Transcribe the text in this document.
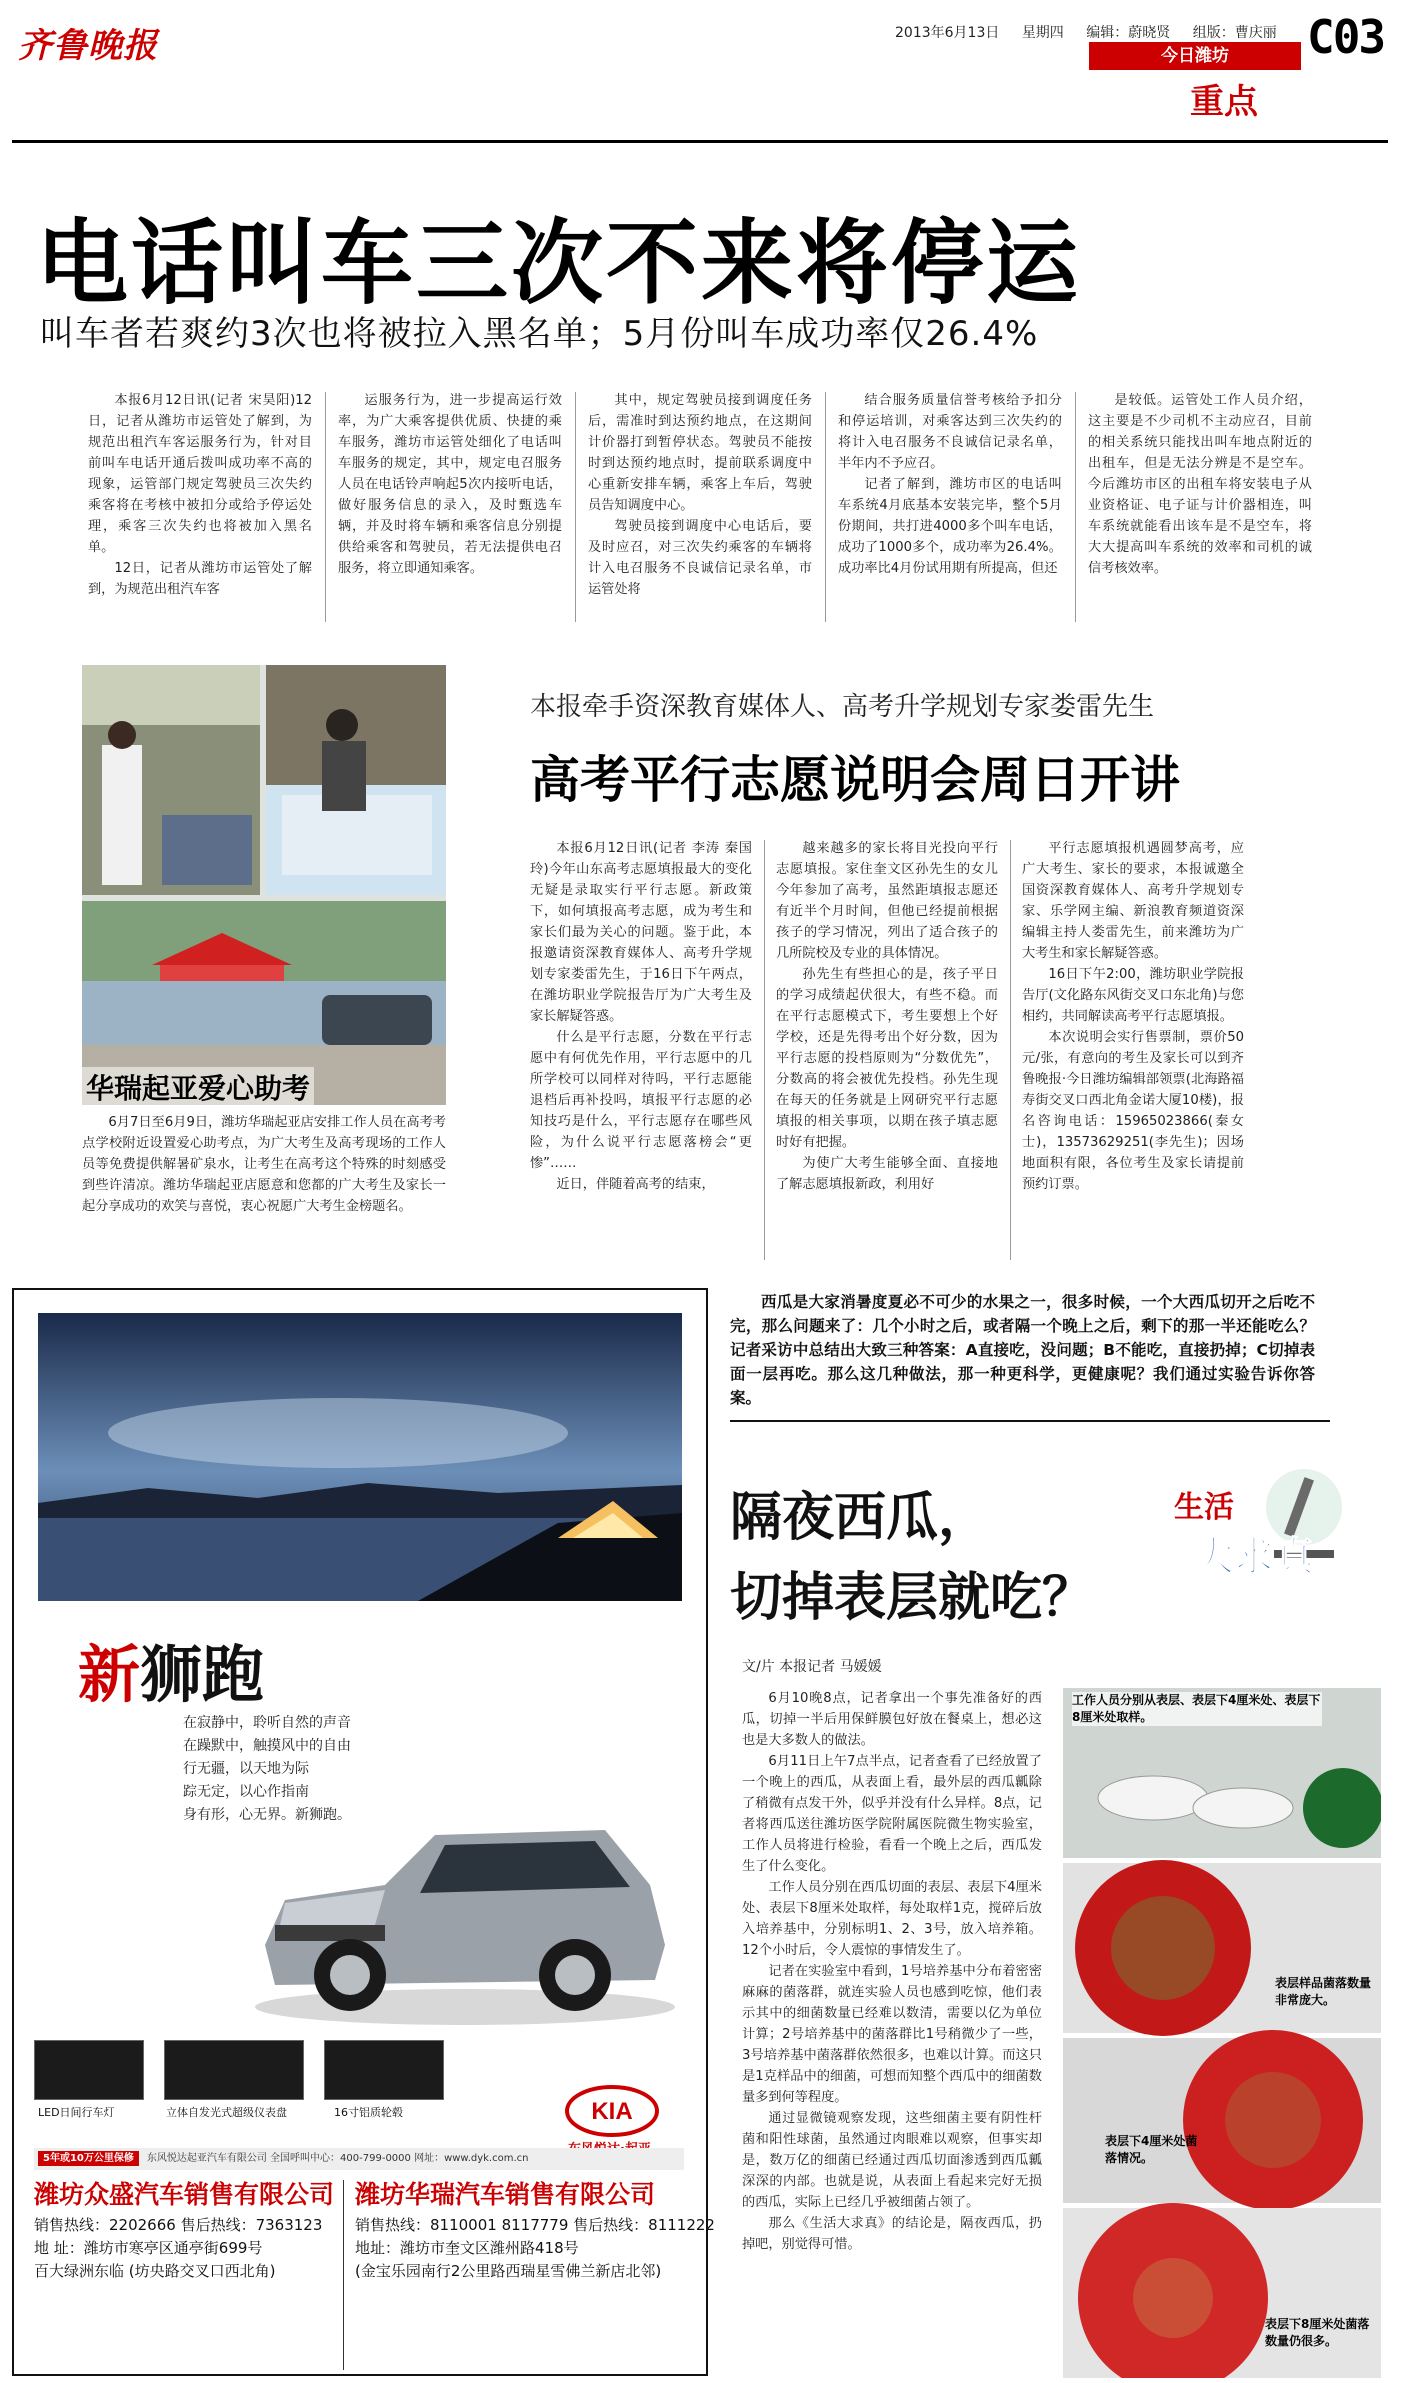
齐鲁晚报	2013年6月13日 星期四 编辑：蔚晓贤 组版：曹庆丽 C03
今日潍坊
重点
电话叫车三次不来将停运
叫车者若爽约3次也将被拉入黑名单；5月份叫车成功率仅26.4%

本报6月12日讯(记者 宋昊阳)12日，记者从潍坊市运管处了解到，为规范出租汽车客运服务行为，针对目前叫车电话开通后拨叫成功率不高的现象，运管部门规定驾驶员三次失约乘客将在考核中被扣分或给予停运处理，乘客三次失约也将被加入黑名单。

12日，记者从潍坊市运管处了解到，为规范出租汽车客

运服务行为，进一步提高运行效率，为广大乘客提供优质、快捷的乘车服务，潍坊市运管处细化了电话叫车服务的规定，其中，规定电召服务人员在电话铃声响起5次内接听电话，做好服务信息的录入，及时甄选车辆，并及时将车辆和乘客信息分别提供给乘客和驾驶员，若无法提供电召服务，将立即通知乘客。

其中，规定驾驶员接到调度任务后，需准时到达预约地点，在这期间计价器打到暂停状态。驾驶员不能按时到达预约地点时，提前联系调度中心重新安排车辆，乘客上车后，驾驶员告知调度中心。

驾驶员接到调度中心电话后，要及时应召，对三次失约乘客的车辆将计入电召服务不良诚信记录名单，市运管处将

结合服务质量信誉考核给予扣分和停运培训，对乘客达到三次失约的将计入电召服务不良诚信记录名单，半年内不予应召。

记者了解到，潍坊市区的电话叫车系统4月底基本安装完毕，整个5月份期间，共打进4000多个叫车电话，成功了1000多个，成功率为26.4%。成功率比4月份试用期有所提高，但还

是较低。运管处工作人员介绍，这主要是不少司机不主动应召，目前的相关系统只能找出叫车地点附近的出租车，但是无法分辨是不是空车。今后潍坊市区的出租车将安装电子从业资格证、电子证与计价器相连，叫车系统就能看出该车是不是空车，将大大提高叫车系统的效率和司机的诚信考核效率。

华瑞起亚爱心助考

6月7日至6月9日，潍坊华瑞起亚店安排工作人员在高考考点学校附近设置爱心助考点，为广大考生及高考现场的工作人员等免费提供解暑矿泉水，让考生在高考这个特殊的时刻感受到些许清凉。潍坊华瑞起亚店愿意和您都的广大考生及家长一起分享成功的欢笑与喜悦，衷心祝愿广大考生金榜题名。

本报牵手资深教育媒体人、高考升学规划专家娄雷先生
高考平行志愿说明会周日开讲

本报6月12日讯(记者 李涛 秦国玲)今年山东高考志愿填报最大的变化无疑是录取实行平行志愿。新政策下，如何填报高考志愿，成为考生和家长们最为关心的问题。鉴于此，本报邀请资深教育媒体人、高考升学规划专家娄雷先生，于16日下午两点，在潍坊职业学院报告厅为广大考生及家长解疑答惑。

什么是平行志愿，分数在平行志愿中有何优先作用，平行志愿中的几所学校可以同样对待吗，平行志愿能退档后再补投吗，填报平行志愿的必知技巧是什么，平行志愿存在哪些风险，为什么说平行志愿落榜会“更惨”……

近日，伴随着高考的结束，

越来越多的家长将目光投向平行志愿填报。家住奎文区孙先生的女儿今年参加了高考，虽然距填报志愿还有近半个月时间，但他已经提前根据孩子的学习情况，列出了适合孩子的几所院校及专业的具体情况。

孙先生有些担心的是，孩子平日的学习成绩起伏很大，有些不稳。而在平行志愿模式下，考生要想上个好学校，还是先得考出个好分数，因为平行志愿的投档原则为“分数优先”，分数高的将会被优先投档。孙先生现在每天的任务就是上网研究平行志愿填报的相关事项，以期在孩子填志愿时好有把握。

为使广大考生能够全面、直接地了解志愿填报新政，利用好

平行志愿填报机遇圆梦高考，应广大考生、家长的要求，本报诚邀全国资深教育媒体人、高考升学规划专家、乐学网主编、新浪教育频道资深编辑主持人娄雷先生，前来潍坊为广大考生和家长解疑答惑。

16日下午2:00，潍坊职业学院报告厅(文化路东风街交叉口东北角)与您相约，共同解读高考平行志愿填报。

本次说明会实行售票制，票价50元/张，有意向的考生及家长可以到齐鲁晚报·今日潍坊编辑部领票(北海路福寿街交叉口西北角金诺大厦10楼)，报名咨询电话：15965023866(秦女士)，13573629251(李先生)；因场地面积有限，各位考生及家长请提前预约订票。

新狮跑
在寂静中，聆听自然的声音
在躁默中，触摸风中的自由
行无疆，以天地为际
踪无定，以心作指南
身有形，心无界。新狮跑。
LED日间行车灯	立体自发光式超级仪表盘	16寸铝质轮毂	KIA
5年或10万公里保修 东风悦达起亚汽车有限公司 全国呼叫中心：400-799-0000 网址：www.dyk.com.cn
潍坊众盛汽车销售有限公司
销售热线：2202666 售后热线：7363123
地 址：潍坊市寒亭区通亭街699号
百大绿洲东临 (坊央路交叉口西北角)
潍坊华瑞汽车销售有限公司
销售热线：8110001 8117779 售后热线：8111222
地址：潍坊市奎文区潍州路418号
(金宝乐园南行2公里路西瑞星雪佛兰新店北邻)
西瓜是大家消暑度夏必不可少的水果之一，很多时候，一个大西瓜切开之后吃不完，那么问题来了：几个小时之后，或者隔一个晚上之后，剩下的那一半还能吃么？记者采访中总结出大致三种答案：A直接吃，没问题；B不能吃，直接扔掉；C切掉表面一层再吃。那么这几种做法，那一种更科学，更健康呢？我们通过实验告诉你答案。
隔夜西瓜，
切掉表层就吃？
生活
大求真
文/片 本报记者 马媛媛

6月10晚8点，记者拿出一个事先准备好的西瓜，切掉一半后用保鲜膜包好放在餐桌上，想必这也是大多数人的做法。

6月11日上午7点半点，记者查看了已经放置了一个晚上的西瓜，从表面上看，最外层的西瓜瓤除了稍微有点发干外，似乎并没有什么异样。8点，记者将西瓜送往潍坊医学院附属医院微生物实验室，工作人员将进行检验，看看一个晚上之后，西瓜发生了什么变化。

工作人员分别在西瓜切面的表层、表层下4厘米处、表层下8厘米处取样，每处取样1克，搅碎后放入培养基中，分别标明1、2、3号，放入培养箱。12个小时后，令人震惊的事情发生了。

记者在实验室中看到，1号培养基中分布着密密麻麻的菌落群，就连实验人员也感到吃惊，他们表示其中的细菌数量已经难以数清，需要以亿为单位计算；2号培养基中的菌落群比1号稍微少了一些，3号培养基中菌落群依然很多，也难以计算。而这只是1克样品中的细菌，可想而知整个西瓜中的细菌数量多到何等程度。

通过显微镜观察发现，这些细菌主要有阴性杆菌和阳性球菌，虽然通过肉眼难以观察，但事实却是，数万亿的细菌已经通过西瓜切面渗透到西瓜瓤深深的内部。也就是说，从表面上看起来完好无损的西瓜，实际上已经几乎被细菌占领了。

那么《生活大求真》的结论是，隔夜西瓜，扔掉吧，别觉得可惜。

工作人员分别从表层、表层下4厘米处、表层下8厘米处取样。
表层样品菌落数量非常庞大。
表层下4厘米处菌落情况。
表层下8厘米处菌落数量仍很多。
